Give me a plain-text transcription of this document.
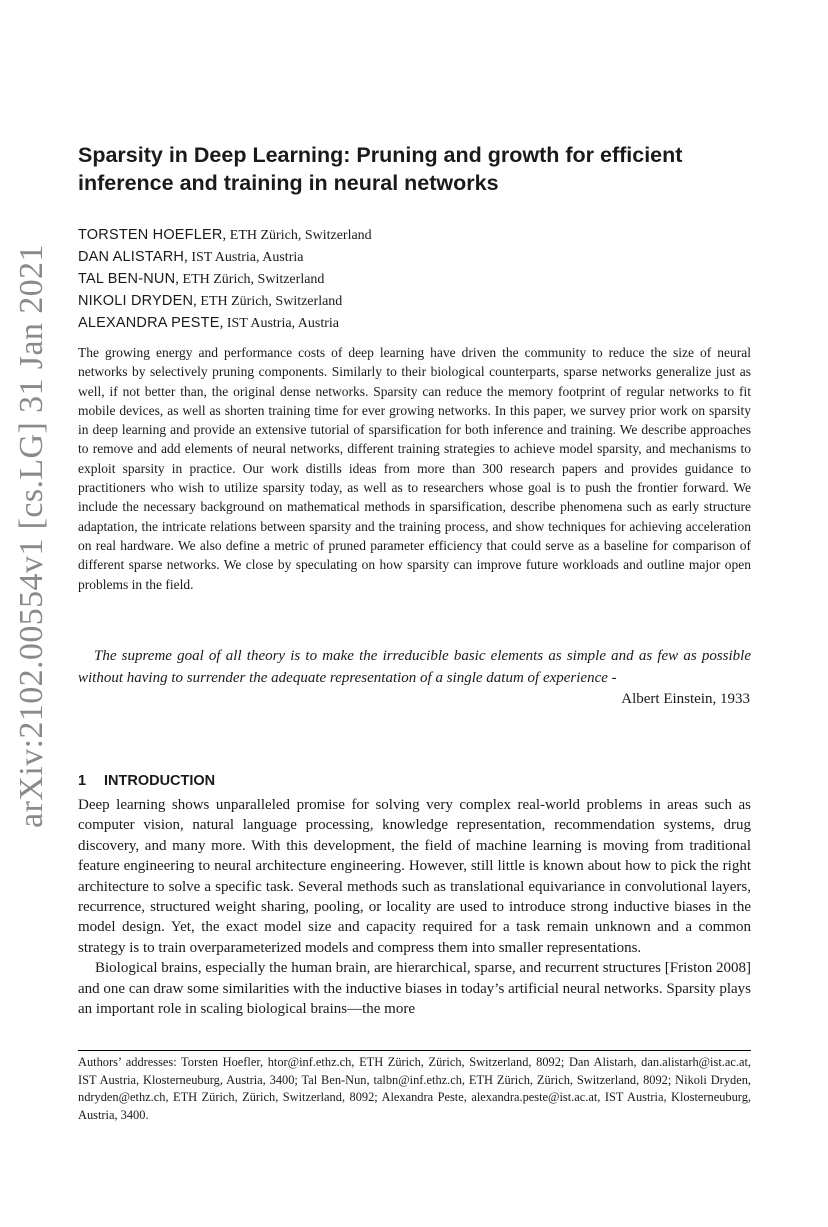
arXiv:2102.00554v1 [cs.LG] 31 Jan 2021
Sparsity in Deep Learning: Pruning and growth for efficient inference and training in neural networks
TORSTEN HOEFLER, ETH Zürich, Switzerland
DAN ALISTARH, IST Austria, Austria
TAL BEN-NUN, ETH Zürich, Switzerland
NIKOLI DRYDEN, ETH Zürich, Switzerland
ALEXANDRA PESTE, IST Austria, Austria

The growing energy and performance costs of deep learning have driven the community to reduce the size of neural networks by selectively pruning components. Similarly to their biological counterparts, sparse networks generalize just as well, if not better than, the original dense networks. Sparsity can reduce the memory footprint of regular networks to fit mobile devices, as well as shorten training time for ever growing networks. In this paper, we survey prior work on sparsity in deep learning and provide an extensive tutorial of sparsification for both inference and training. We describe approaches to remove and add elements of neural networks, different training strategies to achieve model sparsity, and mechanisms to exploit sparsity in practice. Our work distills ideas from more than 300 research papers and provides guidance to practitioners who wish to utilize sparsity today, as well as to researchers whose goal is to push the frontier forward. We include the necessary background on mathematical methods in sparsification, describe phenomena such as early structure adaptation, the intricate relations between sparsity and the training process, and show techniques for achieving acceleration on real hardware. We also define a metric of pruned parameter efficiency that could serve as a baseline for comparison of different sparse networks. We close by speculating on how sparsity can improve future workloads and outline major open problems in the field.

The supreme goal of all theory is to make the irreducible basic elements as simple and as few as possible without having to surrender the adequate representation of a single datum of experience -

Albert Einstein, 1933
1 INTRODUCTION

Deep learning shows unparalleled promise for solving very complex real-world problems in areas such as computer vision, natural language processing, knowledge representation, recommendation systems, drug discovery, and many more. With this development, the field of machine learning is moving from traditional feature engineering to neural architecture engineering. However, still little is known about how to pick the right architecture to solve a specific task. Several methods such as translational equivariance in convolutional layers, recurrence, structured weight sharing, pooling, or locality are used to introduce strong inductive biases in the model design. Yet, the exact model size and capacity required for a task remain unknown and a common strategy is to train overparameterized models and compress them into smaller representations.

Biological brains, especially the human brain, are hierarchical, sparse, and recurrent structures [Friston 2008] and one can draw some similarities with the inductive biases in today’s artificial neural networks. Sparsity plays an important role in scaling biological brains—the more

Authors’ addresses: Torsten Hoefler, htor@inf.ethz.ch, ETH Zürich, Zürich, Switzerland, 8092; Dan Alistarh, dan.alistarh@ist.ac.at, IST Austria, Klosterneuburg, Austria, 3400; Tal Ben-Nun, talbn@inf.ethz.ch, ETH Zürich, Zürich, Switzerland, 8092; Nikoli Dryden, ndryden@ethz.ch, ETH Zürich, Zürich, Switzerland, 8092; Alexandra Peste, alexandra.peste@ist.ac.at, IST Austria, Klosterneuburg, Austria, 3400.
